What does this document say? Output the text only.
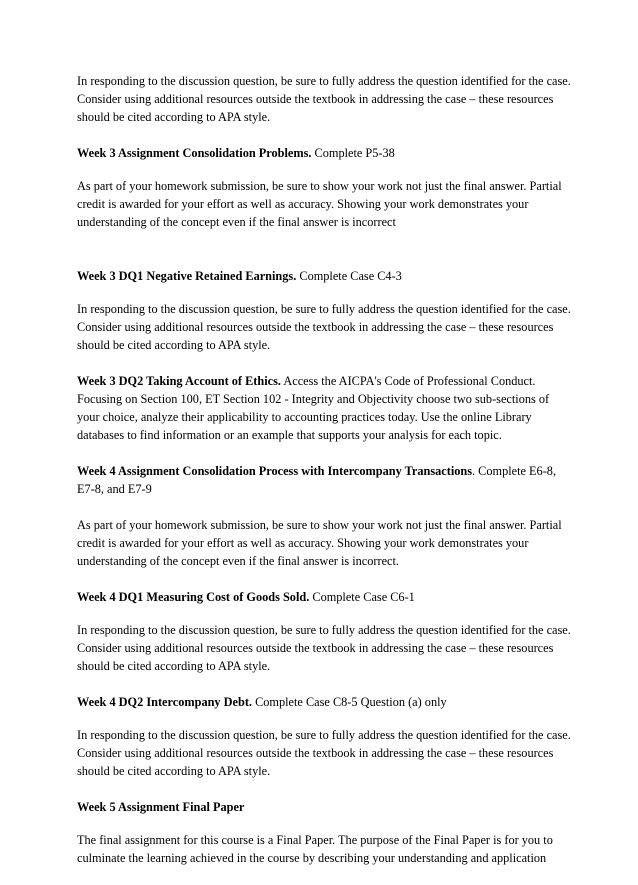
In responding to the discussion question, be sure to fully address the question identified for the case. Consider using additional resources outside the textbook in addressing the case – these resources should be cited according to APA style.

Week 3 Assignment Consolidation Problems. Complete P5-38

As part of your homework submission, be sure to show your work not just the final answer. Partial credit is awarded for your effort as well as accuracy. Showing your work demonstrates your understanding of the concept even if the final answer is incorrect

Week 3 DQ1 Negative Retained Earnings. Complete Case C4-3

In responding to the discussion question, be sure to fully address the question identified for the case. Consider using additional resources outside the textbook in addressing the case – these resources should be cited according to APA style.

Week 3 DQ2 Taking Account of Ethics. Access the AICPA's Code of Professional Conduct. Focusing on Section 100, ET Section 102 - Integrity and Objectivity choose two sub-sections of your choice, analyze their applicability to accounting practices today. Use the online Library databases to find information or an example that supports your analysis for each topic.

Week 4 Assignment Consolidation Process with Intercompany Transactions. Complete E6-8, E7-8, and E7-9

As part of your homework submission, be sure to show your work not just the final answer. Partial credit is awarded for your effort as well as accuracy. Showing your work demonstrates your understanding of the concept even if the final answer is incorrect.

Week 4 DQ1 Measuring Cost of Goods Sold. Complete Case C6-1

In responding to the discussion question, be sure to fully address the question identified for the case. Consider using additional resources outside the textbook in addressing the case – these resources should be cited according to APA style.

Week 4 DQ2 Intercompany Debt. Complete Case C8-5 Question (a) only

In responding to the discussion question, be sure to fully address the question identified for the case. Consider using additional resources outside the textbook in addressing the case – these resources should be cited according to APA style.

Week 5 Assignment Final Paper

The final assignment for this course is a Final Paper. The purpose of the Final Paper is for you to culminate the learning achieved in the course by describing your understanding and application
